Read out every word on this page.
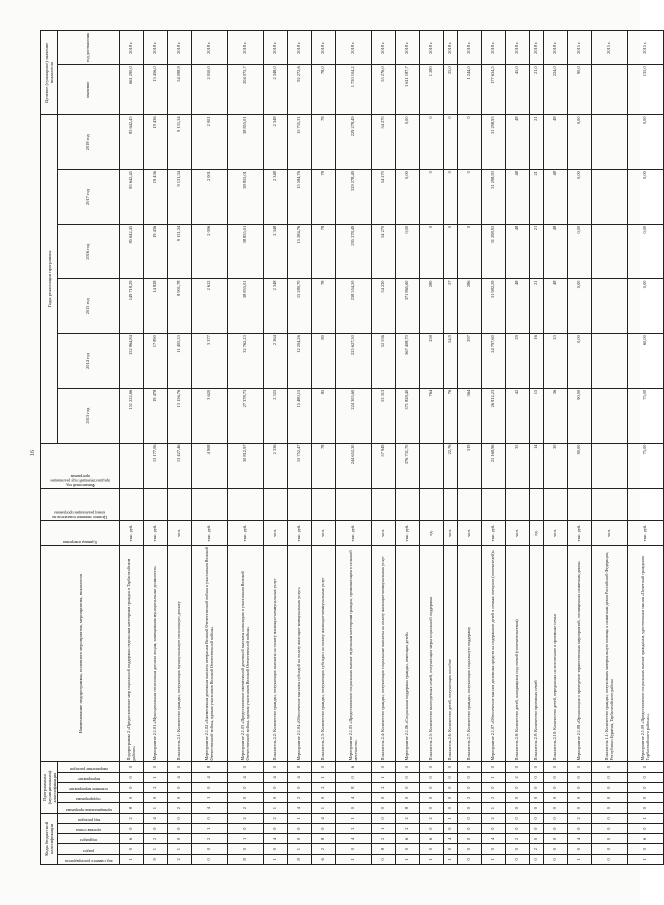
16
Коды бюджетной классификации					Программная (муниципальная) классификация					Наименование подпрограммы, основного мероприятия, мероприятия, показателя	Единица измерения	Целевое значение показателя на конец реализации программы	Финансовый год, предшествующий году реализации программы	Годы реализации программы						Целевое (суммарное) значение показателя	

код главного распорядителя	раздел	подраздел	целевая статья	вид расходов	муниципальная программа	подпрограмма	основное мероприятие	мероприятие	направление расходов					2013 год	2014 год	2015 год	2016 год	2017 год	2018 год	значение	год достижения
1	0	6	0	2	8	0	0	0	0	Подпрограмма 2 «Предоставление мер социальной поддержки отдельным категориям граждан в Тарбагатайском районе»	тыс. руб.			151 222,66	152 864,84	149 718,29	85 642,45	85 642,45	85 642,45	661 290,0	2018 г.
9	1	2	0	4	1	0	2	1	0	Мероприятие 2.1.01 «Муниципальная пенсионная доплата лицам, замещавшим муниципальные должности»	тыс. руб.		13 177,06	19 478	17 890	14 828	19 436	19 436	19 436	13 456,0	2018 г.
2	1	0	0	0	2	0	0	4	0	Показатель 2.1: Количество граждан, получающих муниципальную пенсионную доплату	чел.		13 427,46	13 156,76	11 405,53	8 901,78	9 131,34	9 131,34	9 131,34	54 098,9	2018 г.
0	0	2	1	0	4	1	0	4	8	Мероприятие 2.1.02 «Ежемесячная денежная выплата ветеранам Великой Отечественной войны и участникам Великой Отечественной войны, вдовам участников Великой Отечественной войны»	тыс. руб.		4 908	3 620	3 377	2 612	2 006	2 001	2 001	2 050,0	2018 г.
8	0	1	0	2	2	0	0	4	0	Мероприятие 2.1.03 «Предоставление ежемесячной денежной выплаты инвалидам и участникам Великой Отечественной войны, вдовам участников Великой Отечественной войны»	тыс. руб.		30 812,97	27 378,73	32 762,23	38 855,01	38 855,01	38 855,01	38 855,01	204 075,7	2018 г.
1	0	4	0	2	1	0	0	4	0	Показатель 2.2: Количество граждан, получающих выплаты на оплату жилищно-коммунальных услуг	чел.		2 336	2 325	2 264	2 348	2 348	2 348	2 348	2 348,0	2018 г.
8	1	0	0	1	4	2	0	4	8	Мероприятие 2.1.04 «Обеспечение выплаты субсидий на оплату жилищно-коммунальных услуг»	тыс. руб.		15 752,47	15 480,15	12 204,26	15 280,70	15 284,76	15 584,76	15 735,31	92 272,6	2018 г.
6	2	8	0	4	1	0	2	1	0	Показатель 2.3: Количество граждан, получающих субсидии на оплату жилищно-коммунальных услуг	чел.		78	85	80	78	78	78	78	78,0	2018 г.
1	0	4	2	1	0	4	8	0	6	Мероприятие 2.1.05 «Предоставление социальных выплат отдельным категориям граждан, проживающим в сельской местности»	тыс. руб.		244 652,30	224 305,60	225 627,50	238 554,50	295 278,49	229 278,49	229 278,49	1 720 104,2	2018 г.
0	8	2	1	0	0	0	2	1	0	Показатель 2.4: Количество граждан, получающих социальные выплаты на оплату жилищно-коммунальных услуг	чел.		57 949	53 313	52 536	54 220	54 270	54 270	54 270	55 276,0	2018 г.
1	0	6	2	2	8	0	0	0	0	Мероприятие 2.1.06 «Социальная поддержка граждан, имеющих детей»	тыс. руб.		376 731,70	371 828,40	367 408,70	371 865,60	0,00	0,00	0,00	1 611 187,7	2018 г.
1	0	6	0	2	0	0	0	0	0	Показатель 2.5: Количество многодетных семей, получающих меры социальной поддержки	ед.			764	258	280	0	0	0	1 280	2018 г.
1	0	4	0	1	0	0	0	0	0	Показатель 2.6: Количество детей, получающих пособие	чел.		22,76	76	54,9	57	0	0	0	25,0	2018 г.
0	0	0	0	0	0	2	0	0	0	Показатель 2.7: Количество граждан, получающих социальную поддержку	чел.		319	364	297	286	0	0	0	1 244,0	2018 г.
1	0	4	0	2	1	2	0	1	0	Мероприятие 2.1.07 «Обеспечение выплат денежных средств на содержание детей в семьях опекунов (попечителей)»	тыс. руб.		25 168,96	26 812,23	24 797,60	31 982,59	31 298,93	31 298,93	31 298,93	177 634,5	2018 г.
0	0	2	0	0	0	0	0	2	0	Показатель 2.8: Количество детей, находящихся под опекой (попечительством)	чел.		35	42	29	48	48	48	48	45,0	2018 г.
0	2	0	0	0	0	0	0	0	0	Показатель 2.9: Количество приемных семей	ед.		14	15	16	21	21	21	21	21,0	2018 г.
0	0	0	0	0	0	0	0	0	0	Показатель 2.10: Количество детей, переданных на воспитание в приемные семьи	чел.		30	36	23	48	48	48	48	224,0	2018 г.
1	0	4	0	2	0	0	0	0	0	Мероприятие 2.1.08 «Организация и проведение торжественных мероприятий, посвященных памятным датам»	тыс. руб.		90,00	90,00	0,00	0,00	0,00	0,00	0,00	90,0	2015 г.
0	0	0	0	0	0	0	0	0	0	Показатель 1.1: Количество граждан, получивших материальную помощь к памятным датам Российской Федерации, Республики Бурятия, Тарбагатайского района	чел.										2015 г.
1	0	6	0	1	0	0	0	0	0	Мероприятие 2.1.09 «Предоставление социальных выплат гражданам, удостоенным звания «Почетный гражданин Тарбагатайского района»»	тыс. руб.		75,00	75,00	60,00	0,00	0,00	0,00	0,00	135,0	2015 г.
